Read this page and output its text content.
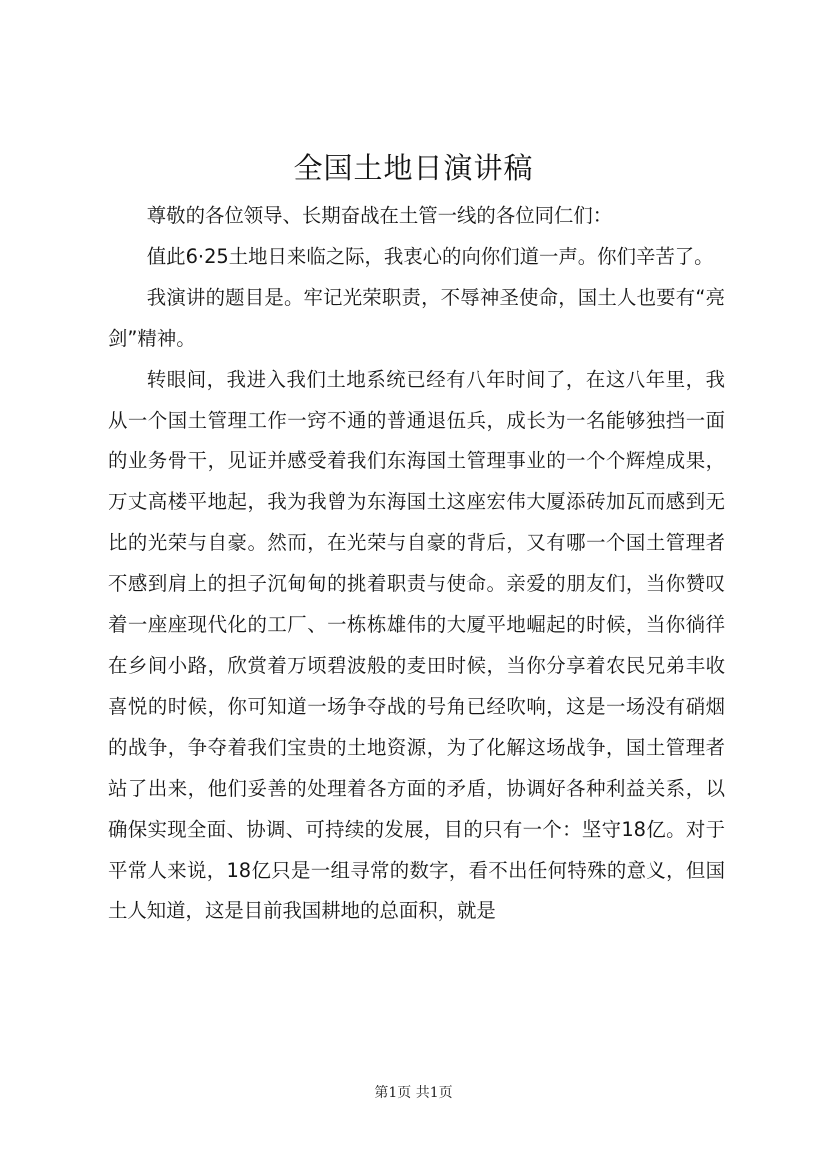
全国土地日演讲稿

尊敬的各位领导、长期奋战在土管一线的各位同仁们：

值此6·25土地日来临之际，我衷心的向你们道一声。你们辛苦了。

我演讲的题目是。牢记光荣职责，不辱神圣使命，国土人也要有“亮剑”精神。

转眼间，我进入我们土地系统已经有八年时间了，在这八年里，我从一个国土管理工作一窍不通的普通退伍兵，成长为一名能够独挡一面的业务骨干，见证并感受着我们东海国土管理事业的一个个辉煌成果，万丈高楼平地起，我为我曾为东海国土这座宏伟大厦添砖加瓦而感到无比的光荣与自豪。然而，在光荣与自豪的背后，又有哪一个国土管理者不感到肩上的担子沉甸甸的挑着职责与使命。亲爱的朋友们，当你赞叹着一座座现代化的工厂、一栋栋雄伟的大厦平地崛起的时候，当你徜徉在乡间小路，欣赏着万顷碧波般的麦田时候，当你分享着农民兄弟丰收喜悦的时候，你可知道一场争夺战的号角已经吹响，这是一场没有硝烟的战争，争夺着我们宝贵的土地资源，为了化解这场战争，国土管理者站了出来，他们妥善的处理着各方面的矛盾，协调好各种利益关系，以确保实现全面、协调、可持续的发展，目的只有一个：坚守18亿。对于平常人来说，18亿只是一组寻常的数字，看不出任何特殊的意义，但国土人知道，这是目前我国耕地的总面积，就是

第1页 共1页
